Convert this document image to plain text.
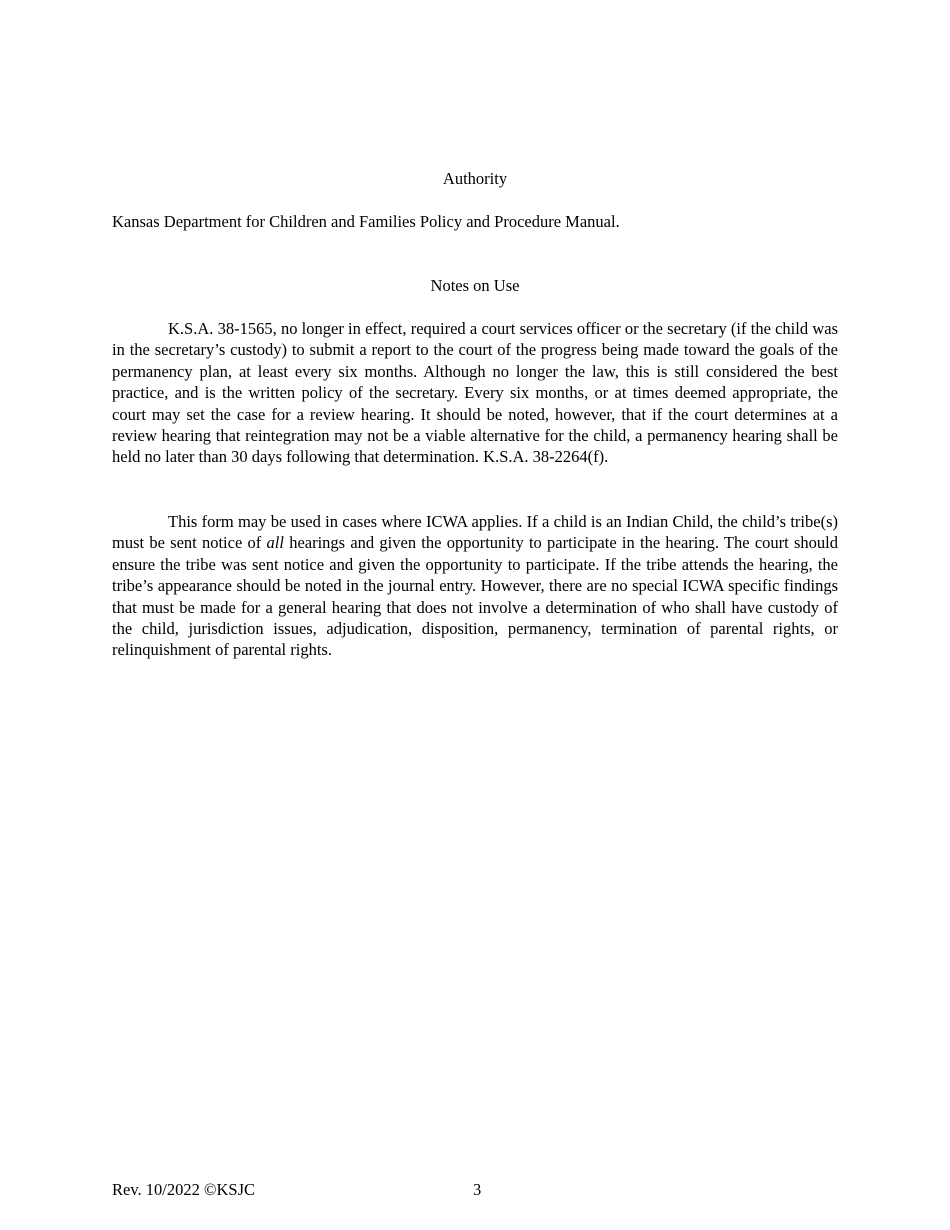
Authority

Kansas Department for Children and Families Policy and Procedure Manual.

Notes on Use

K.S.A. 38-1565, no longer in effect, required a court services officer or the secretary (if the child was in the secretary’s custody) to submit a report to the court of the progress being made toward the goals of the permanency plan, at least every six months. Although no longer the law, this is still considered the best practice, and is the written policy of the secretary. Every six months, or at times deemed appropriate, the court may set the case for a review hearing. It should be noted, however, that if the court determines at a review hearing that reintegration may not be a viable alternative for the child, a permanency hearing shall be held no later than 30 days following that determination. K.S.A. 38-2264(f).

This form may be used in cases where ICWA applies. If a child is an Indian Child, the child’s tribe(s) must be sent notice of all hearings and given the opportunity to participate in the hearing. The court should ensure the tribe was sent notice and given the opportunity to participate. If the tribe attends the hearing, the tribe’s appearance should be noted in the journal entry. However, there are no special ICWA specific findings that must be made for a general hearing that does not involve a determination of who shall have custody of the child, jurisdiction issues, adjudication, disposition, permanency, termination of parental rights, or relinquishment of parental rights.

Rev. 10/2022 ©KSJC	3
